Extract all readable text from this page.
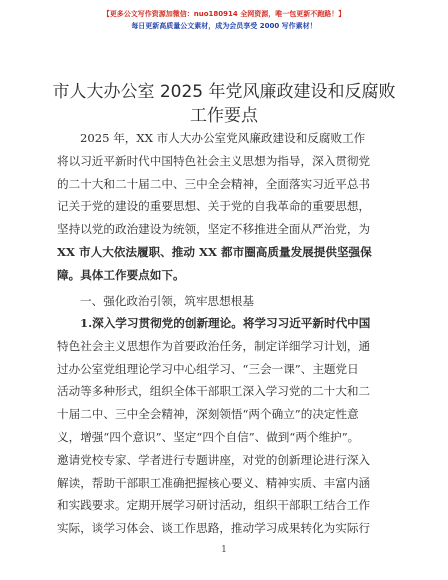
【更多公文写作资源加微信：nuo180914 全网资源，唯一包更新不跑路！】
每日更新高质量公文素材，成为会员享受 2000 写作素材！
市人大办公室 2025 年党风廉政建设和反腐败工作要点
2025 年，XX 市人大办公室党风廉政建设和反腐败工作
将以习近平新时代中国特色社会主义思想为指导，深入贯彻党
的二十大和二十届二中、三中全会精神，全面落实习近平总书
记关于党的建设的重要思想、关于党的自我革命的重要思想，
坚持以党的政治建设为统领，坚定不移推进全面从严治党，为
XX 市人大依法履职、推动 XX 都市圈高质量发展提供坚强保
障。具体工作要点如下。
一、强化政治引领，筑牢思想根基
1.深入学习贯彻党的创新理论。将学习习近平新时代中国
特色社会主义思想作为首要政治任务，制定详细学习计划，通
过办公室党组理论学习中心组学习、“三会一课”、主题党日
活动等多种形式，组织全体干部职工深入学习党的二十大和二
十届二中、三中全会精神，深刻领悟“两个确立”的决定性意
义，增强“四个意识”、坚定“四个自信”、做到“两个维护”。
邀请党校专家、学者进行专题讲座，对党的创新理论进行深入
解读，帮助干部职工准确把握核心要义、精神实质、丰富内涵
和实践要求。定期开展学习研讨活动，组织干部职工结合工作
实际，谈学习体会、谈工作思路，推动学习成果转化为实际行
1
